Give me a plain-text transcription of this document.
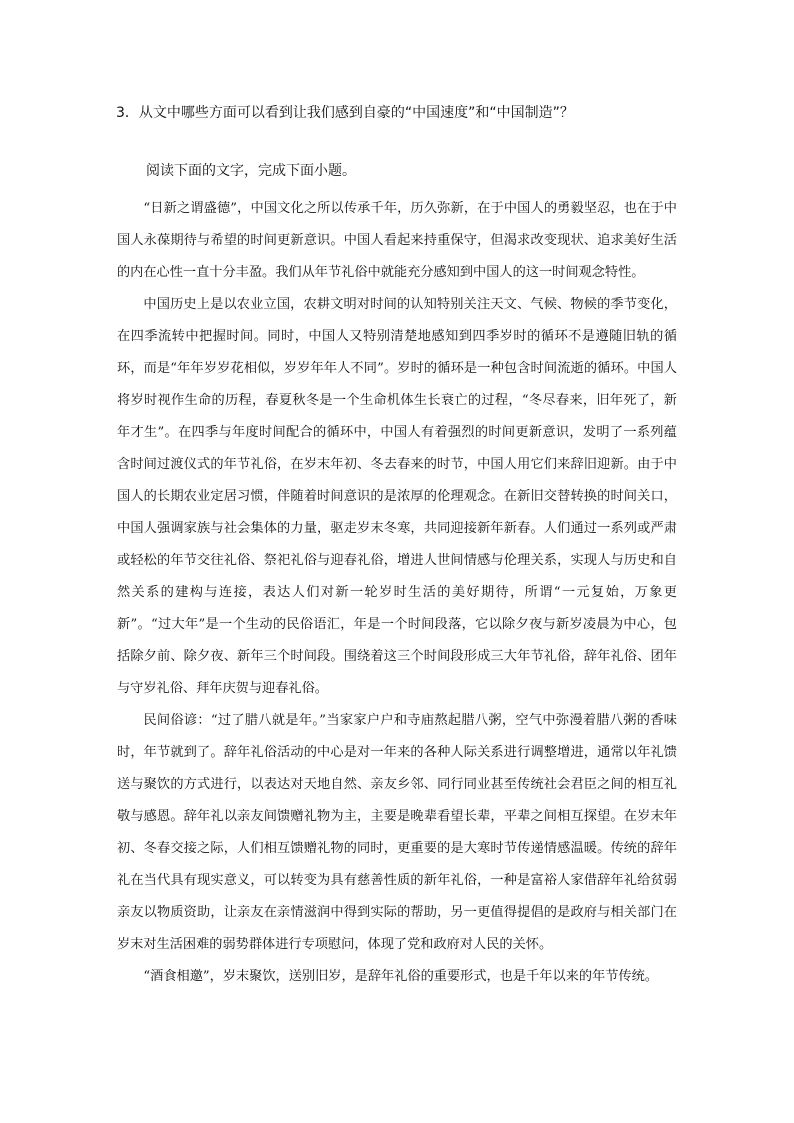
3．从文中哪些方面可以看到让我们感到自豪的“中国速度”和“中国制造”？
阅读下面的文字，完成下面小题。

“日新之谓盛德”，中国文化之所以传承千年，历久弥新，在于中国人的勇毅坚忍，也在于中国人永葆期待与希望的时间更新意识。中国人看起来持重保守，但渴求改变现状、追求美好生活的内在心性一直十分丰盈。我们从年节礼俗中就能充分感知到中国人的这一时间观念特性。

中国历史上是以农业立国，农耕文明对时间的认知特别关注天文、气候、物候的季节变化，在四季流转中把握时间。同时，中国人又特别清楚地感知到四季岁时的循环不是遵随旧轨的循环，而是“年年岁岁花相似，岁岁年年人不同”。岁时的循环是一种包含时间流逝的循环。中国人将岁时视作生命的历程，春夏秋冬是一个生命机体生长衰亡的过程，“冬尽春来，旧年死了，新年才生”。在四季与年度时间配合的循环中，中国人有着强烈的时间更新意识，发明了一系列蕴含时间过渡仪式的年节礼俗，在岁末年初、冬去春来的时节，中国人用它们来辞旧迎新。由于中国人的长期农业定居习惯，伴随着时间意识的是浓厚的伦理观念。在新旧交替转换的时间关口，中国人强调家族与社会集体的力量，驱走岁末冬寒，共同迎接新年新春。人们通过一系列或严肃或轻松的年节交往礼俗、祭祀礼俗与迎春礼俗，增进人世间情感与伦理关系，实现人与历史和自然关系的建构与连接，表达人们对新一轮岁时生活的美好期待，所谓“一元复始，万象更新”。“过大年”是一个生动的民俗语汇，年是一个时间段落，它以除夕夜与新岁凌晨为中心，包括除夕前、除夕夜、新年三个时间段。围绕着这三个时间段形成三大年节礼俗，辞年礼俗、团年与守岁礼俗、拜年庆贺与迎春礼俗。

民间俗谚：“过了腊八就是年。”当家家户户和寺庙熬起腊八粥，空气中弥漫着腊八粥的香味时，年节就到了。辞年礼俗活动的中心是对一年来的各种人际关系进行调整增进，通常以年礼馈送与聚饮的方式进行，以表达对天地自然、亲友乡邻、同行同业甚至传统社会君臣之间的相互礼敬与感恩。辞年礼以亲友间馈赠礼物为主，主要是晚辈看望长辈，平辈之间相互探望。在岁末年初、冬春交接之际，人们相互馈赠礼物的同时，更重要的是大寒时节传递情感温暖。传统的辞年礼在当代具有现实意义，可以转变为具有慈善性质的新年礼俗，一种是富裕人家借辞年礼给贫弱亲友以物质资助，让亲友在亲情滋润中得到实际的帮助，另一更值得提倡的是政府与相关部门在岁末对生活困难的弱势群体进行专项慰问，体现了党和政府对人民的关怀。

“酒食相邀”，岁末聚饮，送别旧岁，是辞年礼俗的重要形式，也是千年以来的年节传统。
